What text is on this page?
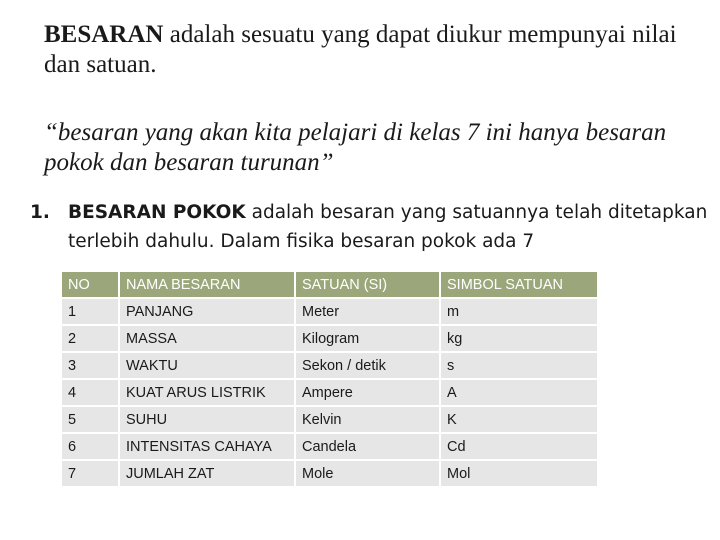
BESARAN adalah sesuatu yang dapat diukur mempunyai nilai dan satuan.
“besaran yang akan kita pelajari di kelas 7 ini hanya besaran pokok dan besaran turunan”
1. BESARAN POKOK adalah besaran yang satuannya telah ditetapkan terlebih dahulu. Dalam fisika besaran pokok ada 7
NO	NAMA BESARAN	SATUAN (SI)	SIMBOL SATUAN
1	PANJANG	Meter	m
2	MASSA	Kilogram	kg
3	WAKTU	Sekon / detik	s
4	KUAT ARUS LISTRIK	Ampere	A
5	SUHU	Kelvin	K
6	INTENSITAS CAHAYA	Candela	Cd
7	JUMLAH ZAT	Mole	Mol
